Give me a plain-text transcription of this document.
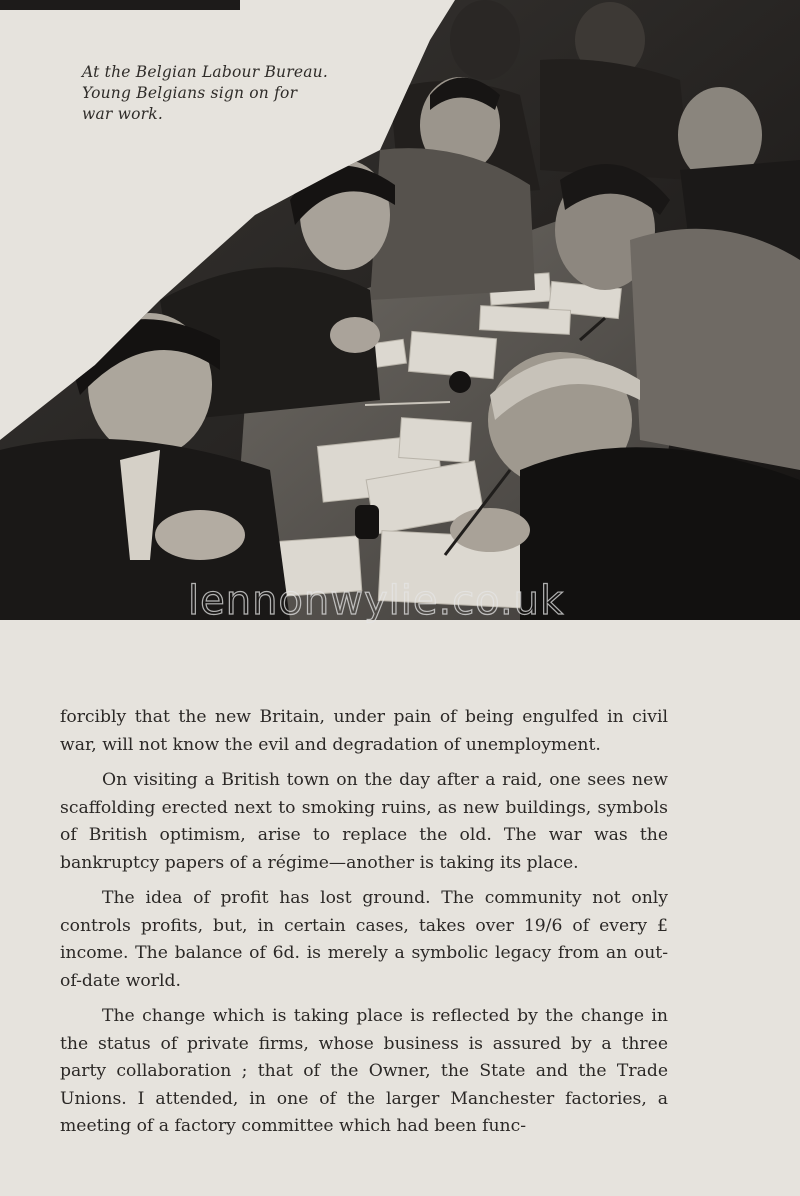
At the Belgian Labour Bureau.
Young Belgians sign on for
war work.

lennonwylie.co.uk

forcibly that the new Britain, under pain of being engulfed in civil war, will not know the evil and degradation of unemployment.

On visiting a British town on the day after a raid, one sees new scaffolding erected next to smoking ruins, as new buildings, symbols of British optimism, arise to replace the old. The war was the bankruptcy papers of a régime—another is taking its place.

The idea of profit has lost ground. The community not only controls profits, but, in certain cases, takes over 19/6 of every £ income. The balance of 6d. is merely a symbolic legacy from an out-of-date world.

The change which is taking place is reflected by the change in the status of private firms, whose business is assured by a three party collaboration ; that of the Owner, the State and the Trade Unions. I attended, in one of the larger Manchester factories, a meeting of a factory committee which had been func-
